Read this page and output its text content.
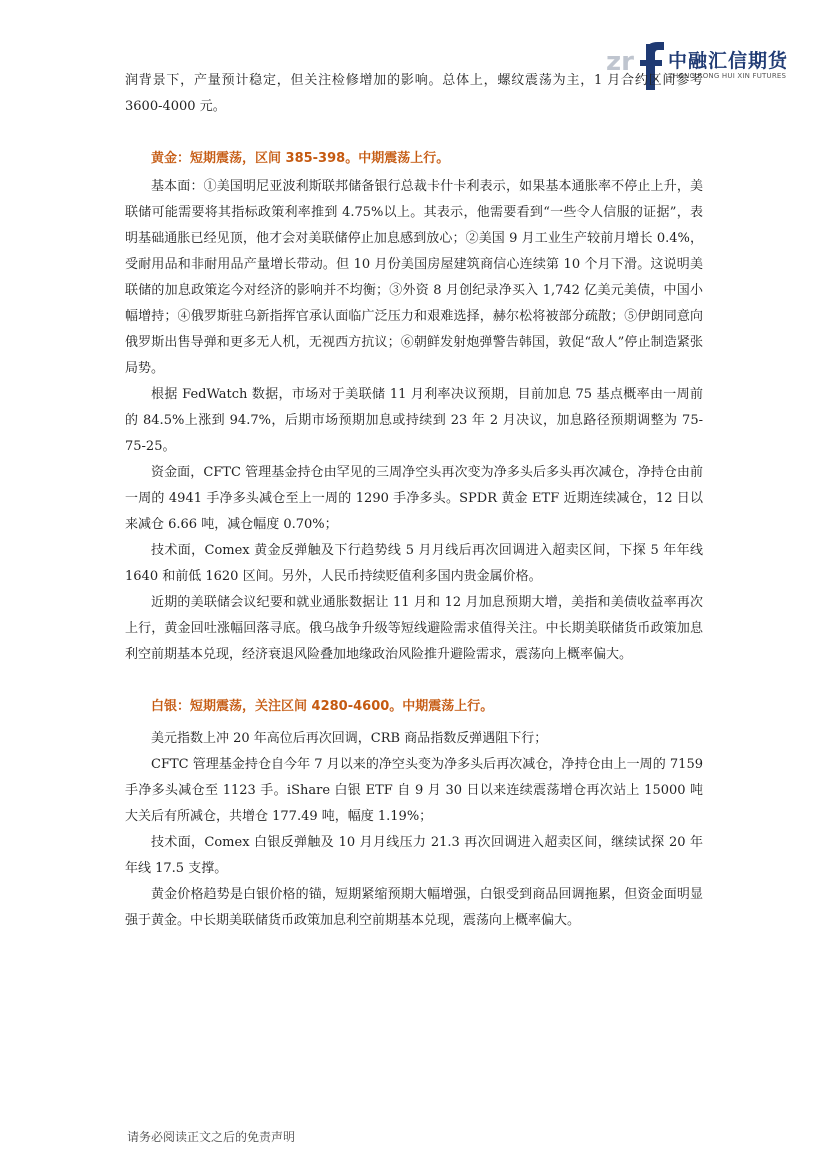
zr 中融汇信期货
ZHONG RONG HUI XIN FUTURES

润背景下，产量预计稳定，但关注检修增加的影响。总体上，螺纹震荡为主，1 月合约区间参考 3600-4000 元。

黄金：短期震荡，区间 385-398。中期震荡上行。

基本面：①美国明尼亚波利斯联邦储备银行总裁卡什卡利表示，如果基本通胀率不停止上升，美联储可能需要将其指标政策利率推到 4.75%以上。其表示，他需要看到“一些令人信服的证据”，表明基础通胀已经见顶，他才会对美联储停止加息感到放心；②美国 9 月工业生产较前月增长 0.4%，受耐用品和非耐用品产量增长带动。但 10 月份美国房屋建筑商信心连续第 10 个月下滑。这说明美联储的加息政策迄今对经济的影响并不均衡；③外资 8 月创纪录净买入 1,742 亿美元美债，中国小幅增持；④俄罗斯驻乌新指挥官承认面临广泛压力和艰难选择，赫尔松将被部分疏散；⑤伊朗同意向俄罗斯出售导弹和更多无人机，无视西方抗议；⑥朝鲜发射炮弹警告韩国，敦促“敌人”停止制造紧张局势。

根据 FedWatch 数据，市场对于美联储 11 月利率决议预期，目前加息 75 基点概率由一周前的 84.5%上涨到 94.7%，后期市场预期加息或持续到 23 年 2 月决议，加息路径预期调整为 75-75-25。

资金面，CFTC 管理基金持仓由罕见的三周净空头再次变为净多头后多头再次减仓，净持仓由前一周的 4941 手净多头减仓至上一周的 1290 手净多头。SPDR 黄金 ETF 近期连续减仓，12 日以来减仓 6.66 吨，减仓幅度 0.70%；

技术面，Comex 黄金反弹触及下行趋势线 5 月月线后再次回调进入超卖区间，下探 5 年年线 1640 和前低 1620 区间。另外，人民币持续贬值利多国内贵金属价格。

近期的美联储会议纪要和就业通胀数据让 11 月和 12 月加息预期大增，美指和美债收益率再次上行，黄金回吐涨幅回落寻底。俄乌战争升级等短线避险需求值得关注。中长期美联储货币政策加息利空前期基本兑现，经济衰退风险叠加地缘政治风险推升避险需求，震荡向上概率偏大。

白银：短期震荡，关注区间 4280-4600。中期震荡上行。

美元指数上冲 20 年高位后再次回调，CRB 商品指数反弹遇阻下行；

CFTC 管理基金持仓自今年 7 月以来的净空头变为净多头后再次减仓，净持仓由上一周的 7159 手净多头减仓至 1123 手。iShare 白银 ETF 自 9 月 30 日以来连续震荡增仓再次站上 15000 吨大关后有所减仓，共增仓 177.49 吨，幅度 1.19%；

技术面，Comex 白银反弹触及 10 月月线压力 21.3 再次回调进入超卖区间，继续试探 20 年年线 17.5 支撑。

黄金价格趋势是白银价格的锚，短期紧缩预期大幅增强，白银受到商品回调拖累，但资金面明显强于黄金。中长期美联储货币政策加息利空前期基本兑现，震荡向上概率偏大。

请务必阅读正文之后的免责声明
